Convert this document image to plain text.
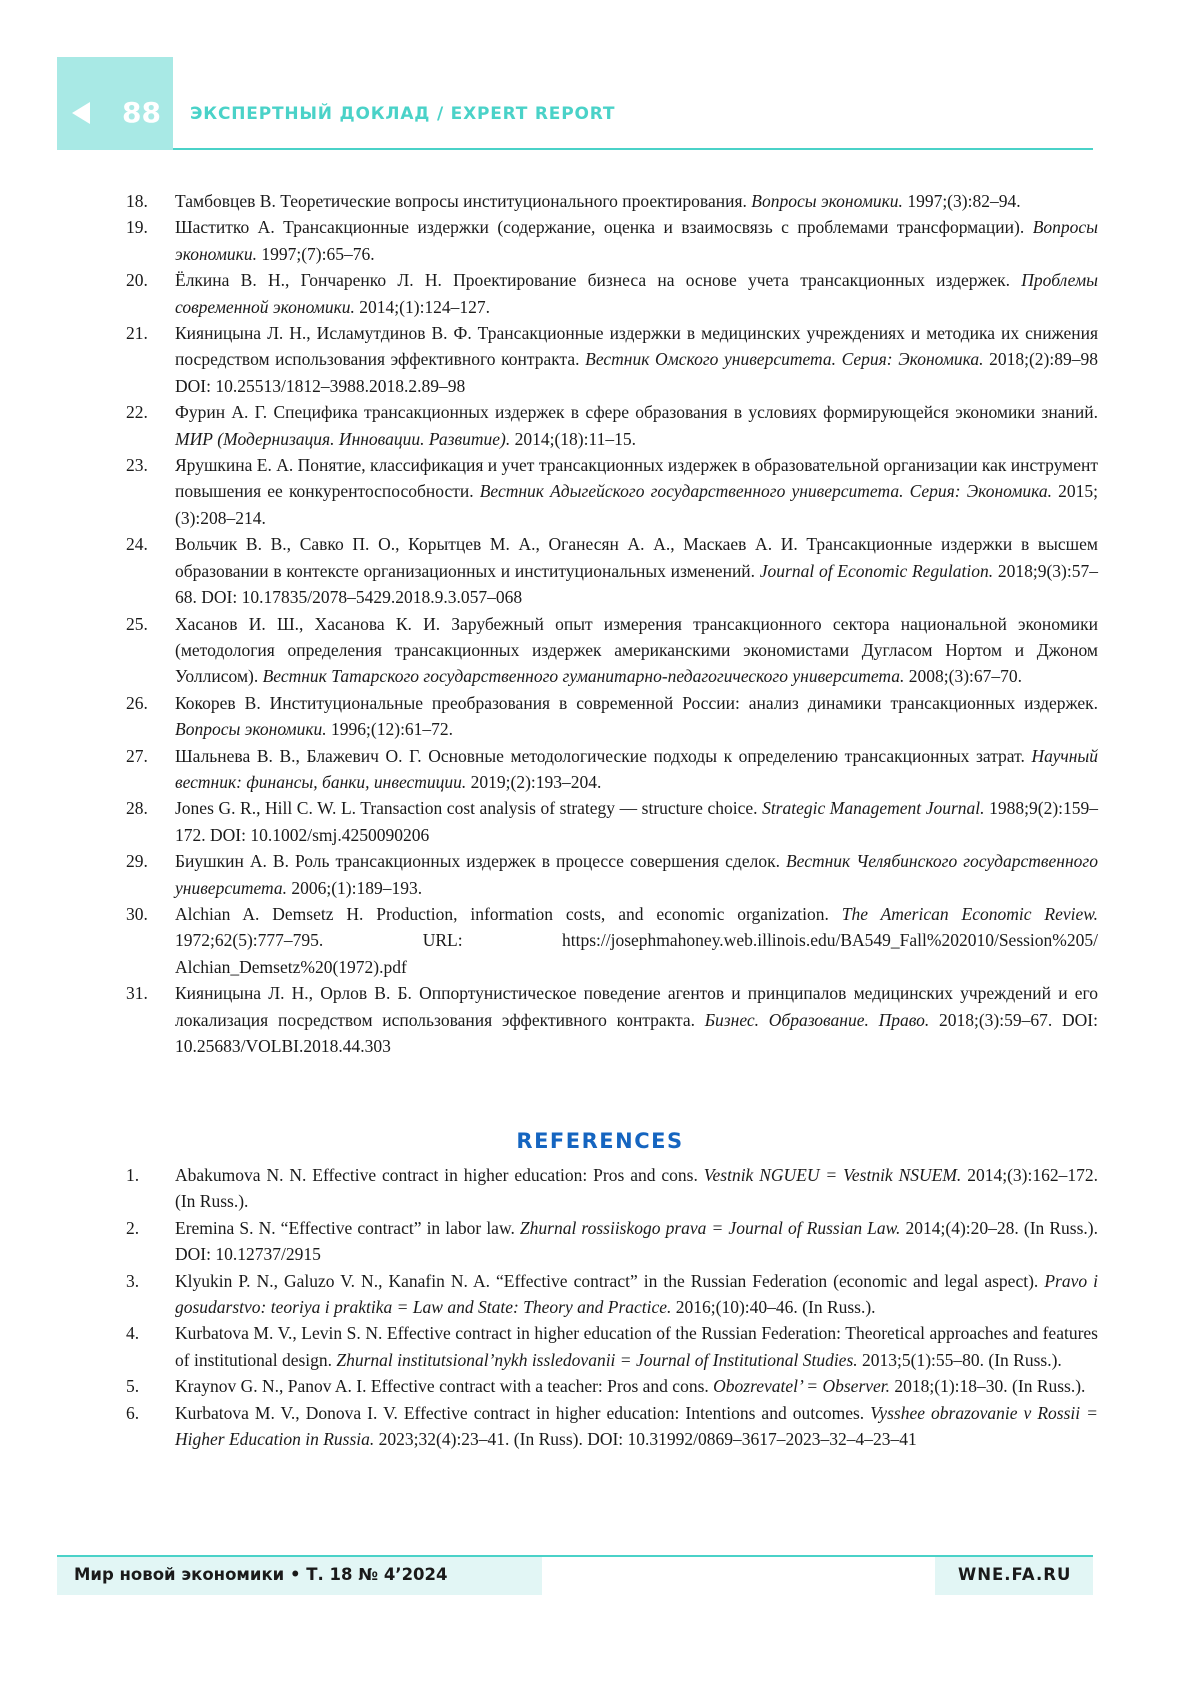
88 ЭКСПЕРТНЫЙ ДОКЛАД / EXPERT REPORT
18. Тамбовцев В. Теоретические вопросы институционального проектирования. Вопросы экономики. 1997;(3):82–94.
19. Шаститко А. Трансакционные издержки (содержание, оценка и взаимосвязь с проблемами трансформации). Вопросы экономики. 1997;(7):65–76.
20. Ёлкина В. Н., Гончаренко Л. Н. Проектирование бизнеса на основе учета трансакционных издержек. Проблемы современной экономики. 2014;(1):124–127.
21. Кияницына Л. Н., Исламутдинов В. Ф. Трансакционные издержки в медицинских учреждениях и методика их снижения посредством использования эффективного контракта. Вестник Омского университета. Серия: Экономика. 2018;(2):89–98 DOI: 10.25513/1812–3988.2018.2.89–98
22. Фурин А. Г. Специфика трансакционных издержек в сфере образования в условиях формирующейся экономики знаний. МИР (Модернизация. Инновации. Развитие). 2014;(18):11–15.
23. Ярушкина Е. А. Понятие, классификация и учет трансакционных издержек в образовательной организации как инструмент повышения ее конкурентоспособности. Вестник Адыгейского государственного университета. Серия: Экономика. 2015;(3):208–214.
24. Вольчик В. В., Савко П. О., Корытцев М. А., Оганесян А. А., Маскаев А. И. Трансакционные издержки в высшем образовании в контексте организационных и институциональных изменений. Journal of Economic Regulation. 2018;9(3):57–68. DOI: 10.17835/2078–5429.2018.9.3.057–068
25. Хасанов И. Ш., Хасанова К. И. Зарубежный опыт измерения трансакционного сектора национальной экономики (методология определения трансакционных издержек американскими экономистами Дугласом Нортом и Джоном Уоллисом). Вестник Татарского государственного гуманитарно-педагогического университета. 2008;(3):67–70.
26. Кокорев В. Институциональные преобразования в современной России: анализ динамики трансакционных издержек. Вопросы экономики. 1996;(12):61–72.
27. Шальнева В. В., Блажевич О. Г. Основные методологические подходы к определению трансакционных затрат. Научный вестник: финансы, банки, инвестиции. 2019;(2):193–204.
28. Jones G. R., Hill C. W. L. Transaction cost analysis of strategy — structure choice. Strategic Management Journal. 1988;9(2):159–172. DOI: 10.1002/smj.4250090206
29. Биушкин А. В. Роль трансакционных издержек в процессе совершения сделок. Вестник Челябинского государственного университета. 2006;(1):189–193.
30. Alchian A. Demsetz H. Production, information costs, and economic organization. The American Economic Review. 1972;62(5):777–795. URL: https://josephmahoney.web.illinois.edu/BA549_Fall%202010/Session%205/ Alchian_Demsetz%20(1972).pdf
31. Кияницына Л. Н., Орлов В. Б. Оппортунистическое поведение агентов и принципалов медицинских учреждений и его локализация посредством использования эффективного контракта. Бизнес. Образование. Право. 2018;(3):59–67. DOI: 10.25683/VOLBI.2018.44.303
REFERENCES
1. Abakumova N. N. Effective contract in higher education: Pros and cons. Vestnik NGUEU = Vestnik NSUEM. 2014;(3):162–172. (In Russ.).
2. Eremina S. N. “Effective contract” in labor law. Zhurnal rossiiskogo prava = Journal of Russian Law. 2014;(4):20–28. (In Russ.). DOI: 10.12737/2915
3. Klyukin P. N., Galuzo V. N., Kanafin N. A. “Effective contract” in the Russian Federation (economic and legal aspect). Pravo i gosudarstvo: teoriya i praktika = Law and State: Theory and Practice. 2016;(10):40–46. (In Russ.).
4. Kurbatova M. V., Levin S. N. Effective contract in higher education of the Russian Federation: Theoretical approaches and features of institutional design. Zhurnal institutsional’nykh issledovanii = Journal of Institutional Studies. 2013;5(1):55–80. (In Russ.).
5. Kraynov G. N., Panov A. I. Effective contract with a teacher: Pros and cons. Obozrevatel’ = Observer. 2018;(1):18–30. (In Russ.).
6. Kurbatova M. V., Donova I. V. Effective contract in higher education: Intentions and outcomes. Vysshee obrazovanie v Rossii = Higher Education in Russia. 2023;32(4):23–41. (In Russ). DOI: 10.31992/0869–3617–2023–32–4–23–41
Мир новой экономики • Т. 18 № 4’2024	WNE.FA.RU
